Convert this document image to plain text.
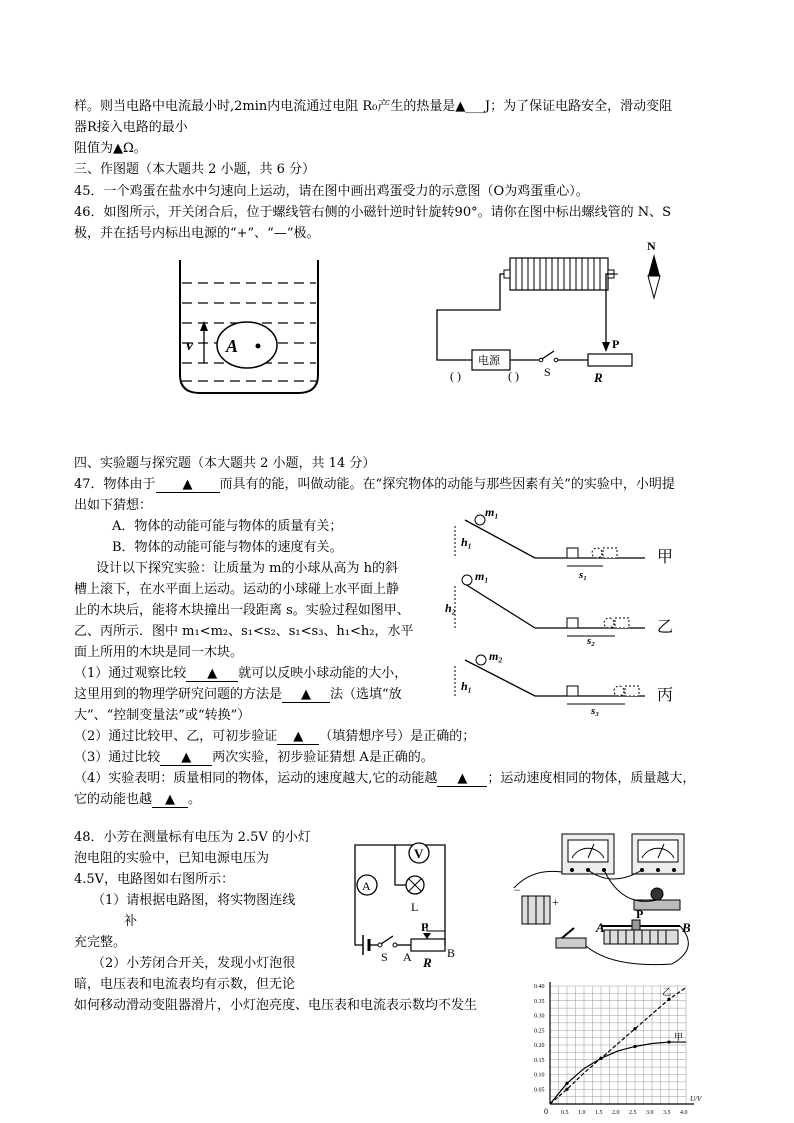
样。则当电路中电流最小时,2min内电流通过电阻 R₀产生的热量是▲___J；为了保证电路安全，滑动变阻
器R接入电路的最小
阻值为▲Ω。
三、作图题（本大题共 2 小题，共 6 分）
45．一个鸡蛋在盐水中匀速向上运动，请在图中画出鸡蛋受力的示意图（O为鸡蛋重心）。
46．如图所示，开关闭合后，位于螺线管右侧的小磁针逆时针旋转90°。请你在图中标出螺线管的 N、S
极，并在括号内标出电源的“+”、“—”极。
v A
N
电源
P
( )	( ) S	R
四、实验题与探究题（本大题共 2 小题，共 14 分）
47．物体由于 ▲ 而具有的能，叫做动能。在“探究物体的动能与那些因素有关”的实验中，小明提
出如下猜想：
A．物体的动能可能与物体的质量有关；
B．物体的动能可能与物体的速度有关。
设计以下探究实验：让质量为 m的小球从高为 h的斜
槽上滚下，在水平面上运动。运动的小球碰上水平面上静
止的木块后，能将木块撞出一段距离 s。实验过程如图甲、
乙、丙所示．图中 m₁<m₂、s₁<s₂、s₁<s₃、h₁<h₂，水平
面上所用的木块是同一木块。
（1）通过观察比较 ▲ 就可以反映小球动能的大小，
这里用到的物理学研究问题的方法是 ▲ 法（选填“放
大”、“控制变量法”或“转换”）
（2）通过比较甲、乙，可初步验证 ▲ （填猜想序号）是正确的；
（3）通过比较 ▲ 两次实验，初步验证猜想 A是正确的。
（4）实验表明：质量相同的物体，运动的速度越大,它的动能越 ▲ ；运动速度相同的物体，质量越大，
它的动能也越 ▲ 。
m₁
h₁
s₁
甲
m₁
h₂
s₂
乙
m₂
h₁
s₃
丙
48．小芳在测量标有电压为 2.5V 的小灯
泡电阻的实验中，已知电源电压为
4.5V，电路图如右图所示：
（1）请根据电路图，将实物图连线
补
充完整。
（2）小芳闭合开关，发现小灯泡很
暗，电压表和电流表均有示数，但无论
如何移动滑动变阻器滑片，小灯泡亮度、电压表和电流表示数均不发生
V
A
L
P
B
S A R
−
+
A
P
B
0.5 1.0 1.5 2.0 2.5 3.0 3.5 4.0
0.05
0.10
0.15
0.20
0.25
0.30
0.35
0.40
0
U/V
甲
乙
